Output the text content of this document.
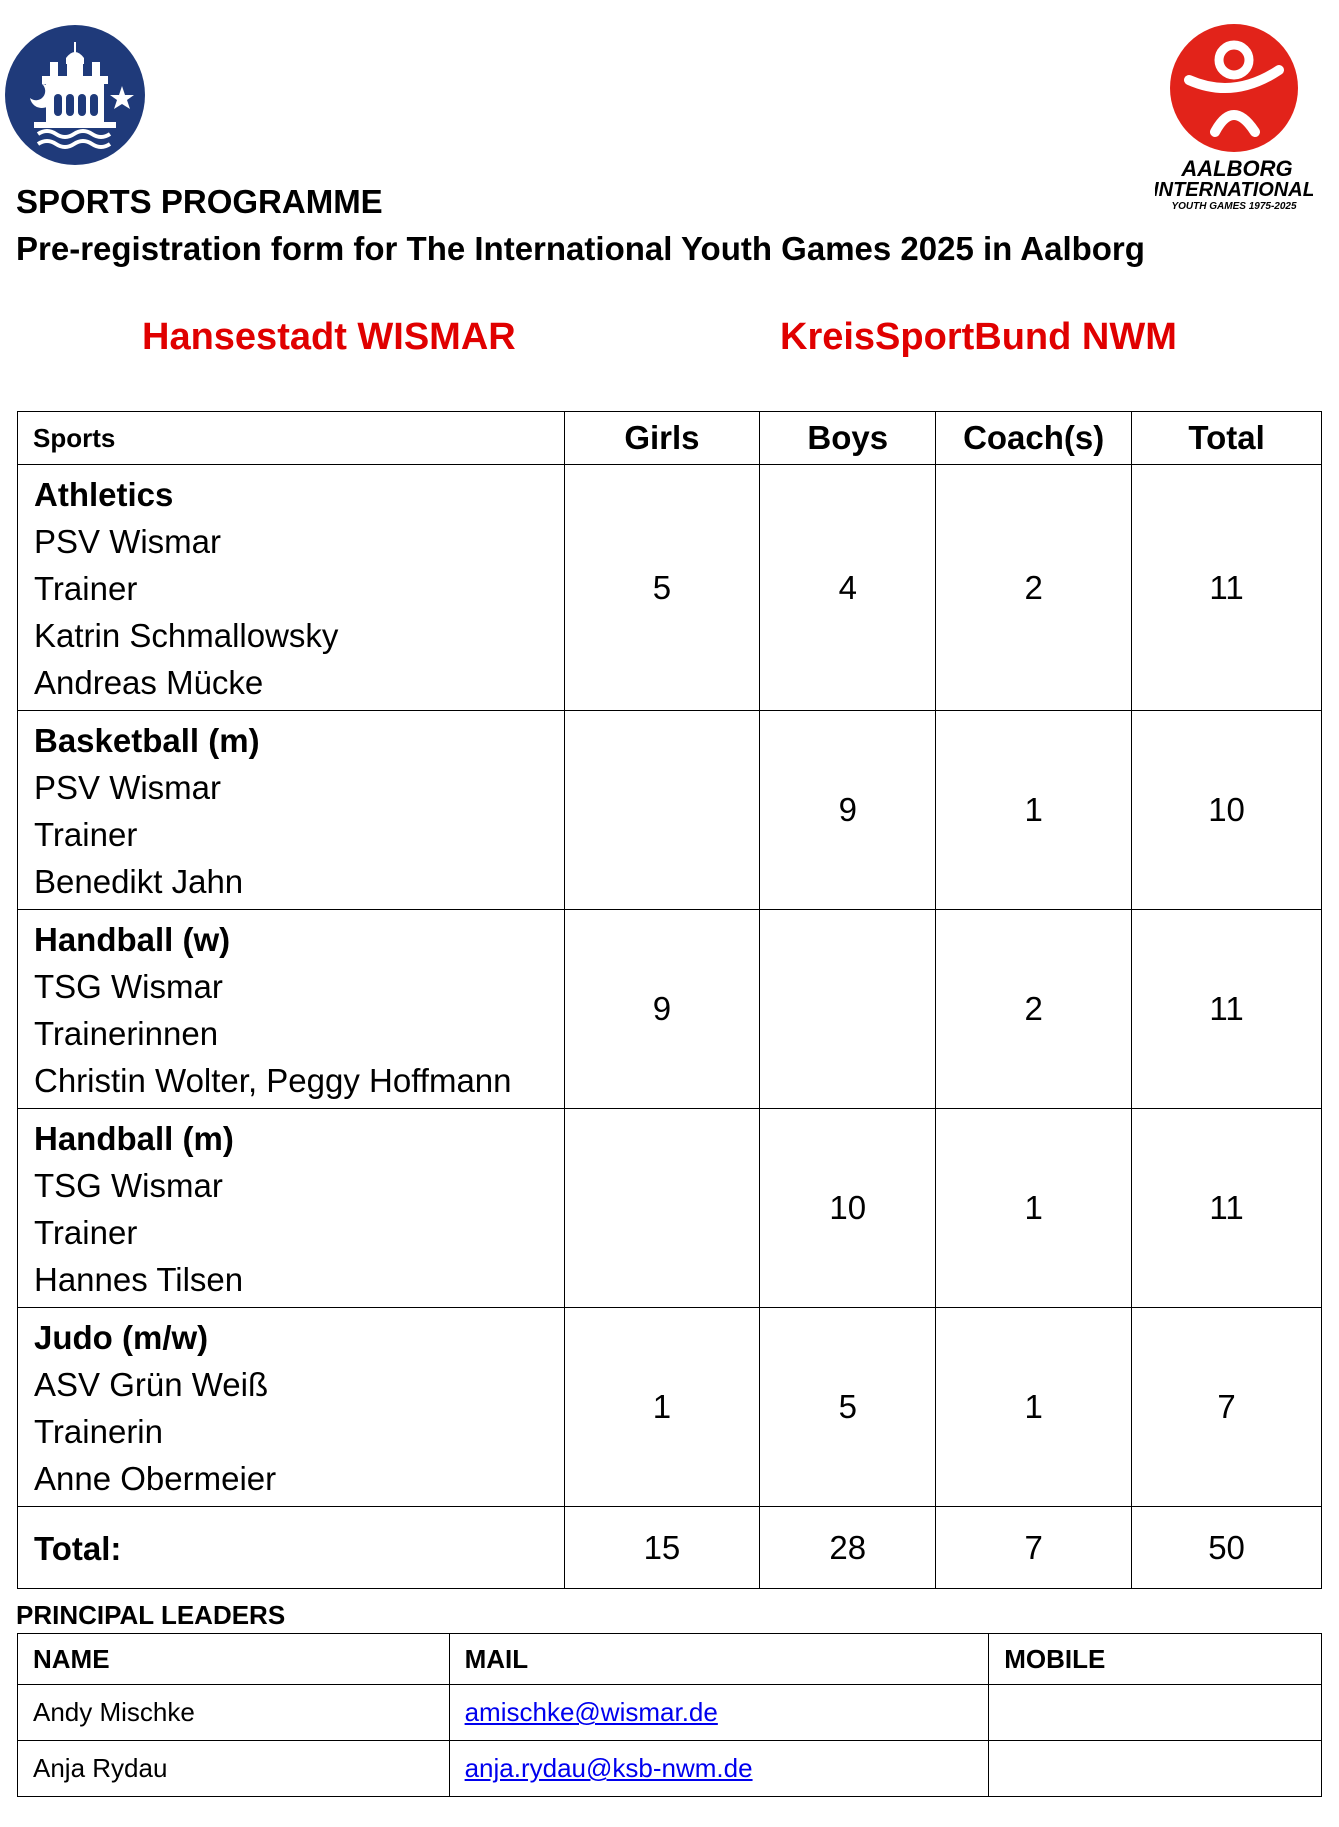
AALBORG
INTERNATIONAL
YOUTH GAMES 1975-2025
SPORTS PROGRAMME
Pre-registration form for The International Youth Games 2025 in Aalborg
Hansestadt WISMAR	KreisSportBund NWM
Sports	Girls	Boys	Coach(s)	Total

Athletics
PSV Wismar
Trainer
Katrin Schmallowsky
Andreas Mücke	5	4	2	11

Basketball (m)
PSV Wismar
Trainer
Benedikt Jahn		9	1	10

Handball (w)
TSG Wismar
Trainerinnen
Christin Wolter, Peggy Hoffmann	9		2	11

Handball (m)
TSG Wismar
Trainer
Hannes Tilsen		10	1	11

Judo (m/w)
ASV Grün Weiß
Trainerin
Anne Obermeier	1	5	1	7
Total:	15	28	7	50
PRINCIPAL LEADERS
NAME	MAIL	MOBILE
Andy Mischke	amischke@wismar.de	
Anja Rydau	anja.rydau@ksb-nwm.de	
